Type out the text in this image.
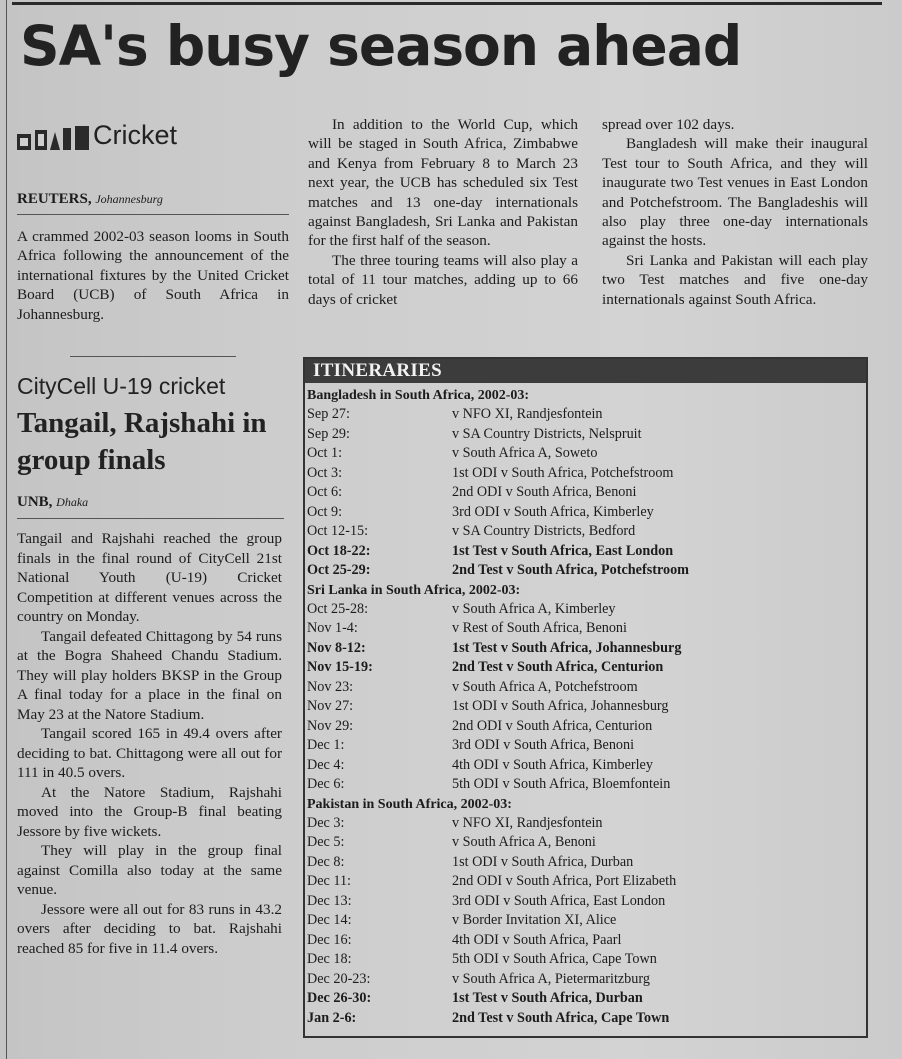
SA's busy season ahead
Cricket
REUTERS, Johannesburg

A crammed 2002-03 season looms in South Africa following the announcement of the international fixtures by the United Cricket Board (UCB) of South Africa in Johannesburg.

CityCell U-19 cricket
Tangail, Rajshahi in group finals
UNB, Dhaka

Tangail and Rajshahi reached the group finals in the final round of CityCell 21st National Youth (U-19) Cricket Competition at different venues across the country on Monday.

Tangail defeated Chittagong by 54 runs at the Bogra Shaheed Chandu Stadium. They will play holders BKSP in the Group A final today for a place in the final on May 23 at the Natore Stadium.

Tangail scored 165 in 49.4 overs after deciding to bat. Chittagong were all out for 111 in 40.5 overs.

At the Natore Stadium, Rajshahi moved into the Group-B final beating Jessore by five wickets.

They will play in the group final against Comilla also today at the same venue.

Jessore were all out for 83 runs in 43.2 overs after deciding to bat. Rajshahi reached 85 for five in 11.4 overs.

In addition to the World Cup, which will be staged in South Africa, Zimbabwe and Kenya from February 8 to March 23 next year, the UCB has scheduled six Test matches and 13 one-day internationals against Bangladesh, Sri Lanka and Pakistan for the first half of the season.

The three touring teams will also play a total of 11 tour matches, adding up to 66 days of cricket

spread over 102 days.

Bangladesh will make their inaugural Test tour to South Africa, and they will inaugurate two Test venues in East London and Potchefstroom. The Bangladeshis will also play three one-day internationals against the hosts.

Sri Lanka and Pakistan will each play two Test matches and five one-day internationals against South Africa.

ITINERARIES
Bangladesh in South Africa, 2002-03:
Sep 27:	v NFO XI, Randjesfontein
Sep 29:	v SA Country Districts, Nelspruit
Oct 1:	v South Africa A, Soweto
Oct 3:	1st ODI v South Africa, Potchefstroom
Oct 6:	2nd ODI v South Africa, Benoni
Oct 9:	3rd ODI v South Africa, Kimberley
Oct 12-15:	v SA Country Districts, Bedford
Oct 18-22:	1st Test v South Africa, East London
Oct 25-29:	2nd Test v South Africa, Potchefstroom
Sri Lanka in South Africa, 2002-03:
Oct 25-28:	v South Africa A, Kimberley
Nov 1-4:	v Rest of South Africa, Benoni
Nov 8-12:	1st Test v South Africa, Johannesburg
Nov 15-19:	2nd Test v South Africa, Centurion
Nov 23:	v South Africa A, Potchefstroom
Nov 27:	1st ODI v South Africa, Johannesburg
Nov 29:	2nd ODI v South Africa, Centurion
Dec 1:	3rd ODI v South Africa, Benoni
Dec 4:	4th ODI v South Africa, Kimberley
Dec 6:	5th ODI v South Africa, Bloemfontein
Pakistan in South Africa, 2002-03:
Dec 3:	v NFO XI, Randjesfontein
Dec 5:	v South Africa A, Benoni
Dec 8:	1st ODI v South Africa, Durban
Dec 11:	2nd ODI v South Africa, Port Elizabeth
Dec 13:	3rd ODI v South Africa, East London
Dec 14:	v Border Invitation XI, Alice
Dec 16:	4th ODI v South Africa, Paarl
Dec 18:	5th ODI v South Africa, Cape Town
Dec 20-23:	v South Africa A, Pietermaritzburg
Dec 26-30:	1st Test v South Africa, Durban
Jan 2-6:	2nd Test v South Africa, Cape Town
